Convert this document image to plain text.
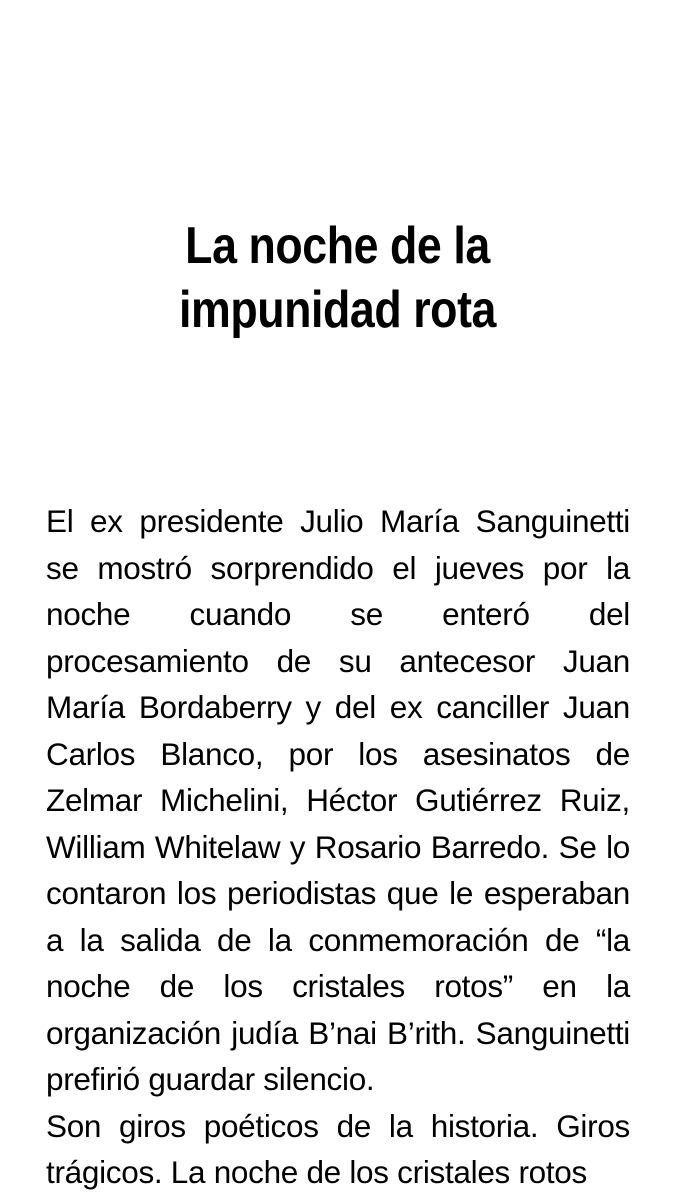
La noche de la
impunidad rota

El ex presidente Julio María Sanguinetti se mostró sorprendido el jueves por la noche cuando se enteró del procesamiento de su antecesor Juan María Bordaberry y del ex canciller Juan Carlos Blanco, por los asesinatos de Zelmar Michelini, Héctor Gutiérrez Ruiz, William Whitelaw y Rosario Barredo. Se lo contaron los periodistas que le esperaban a la salida de la conmemoración de “la noche de los cristales rotos” en la organización judía B’nai B’rith. Sanguinetti prefirió guardar silencio.

Son giros poéticos de la historia. Giros trágicos. La noche de los cristales rotos
